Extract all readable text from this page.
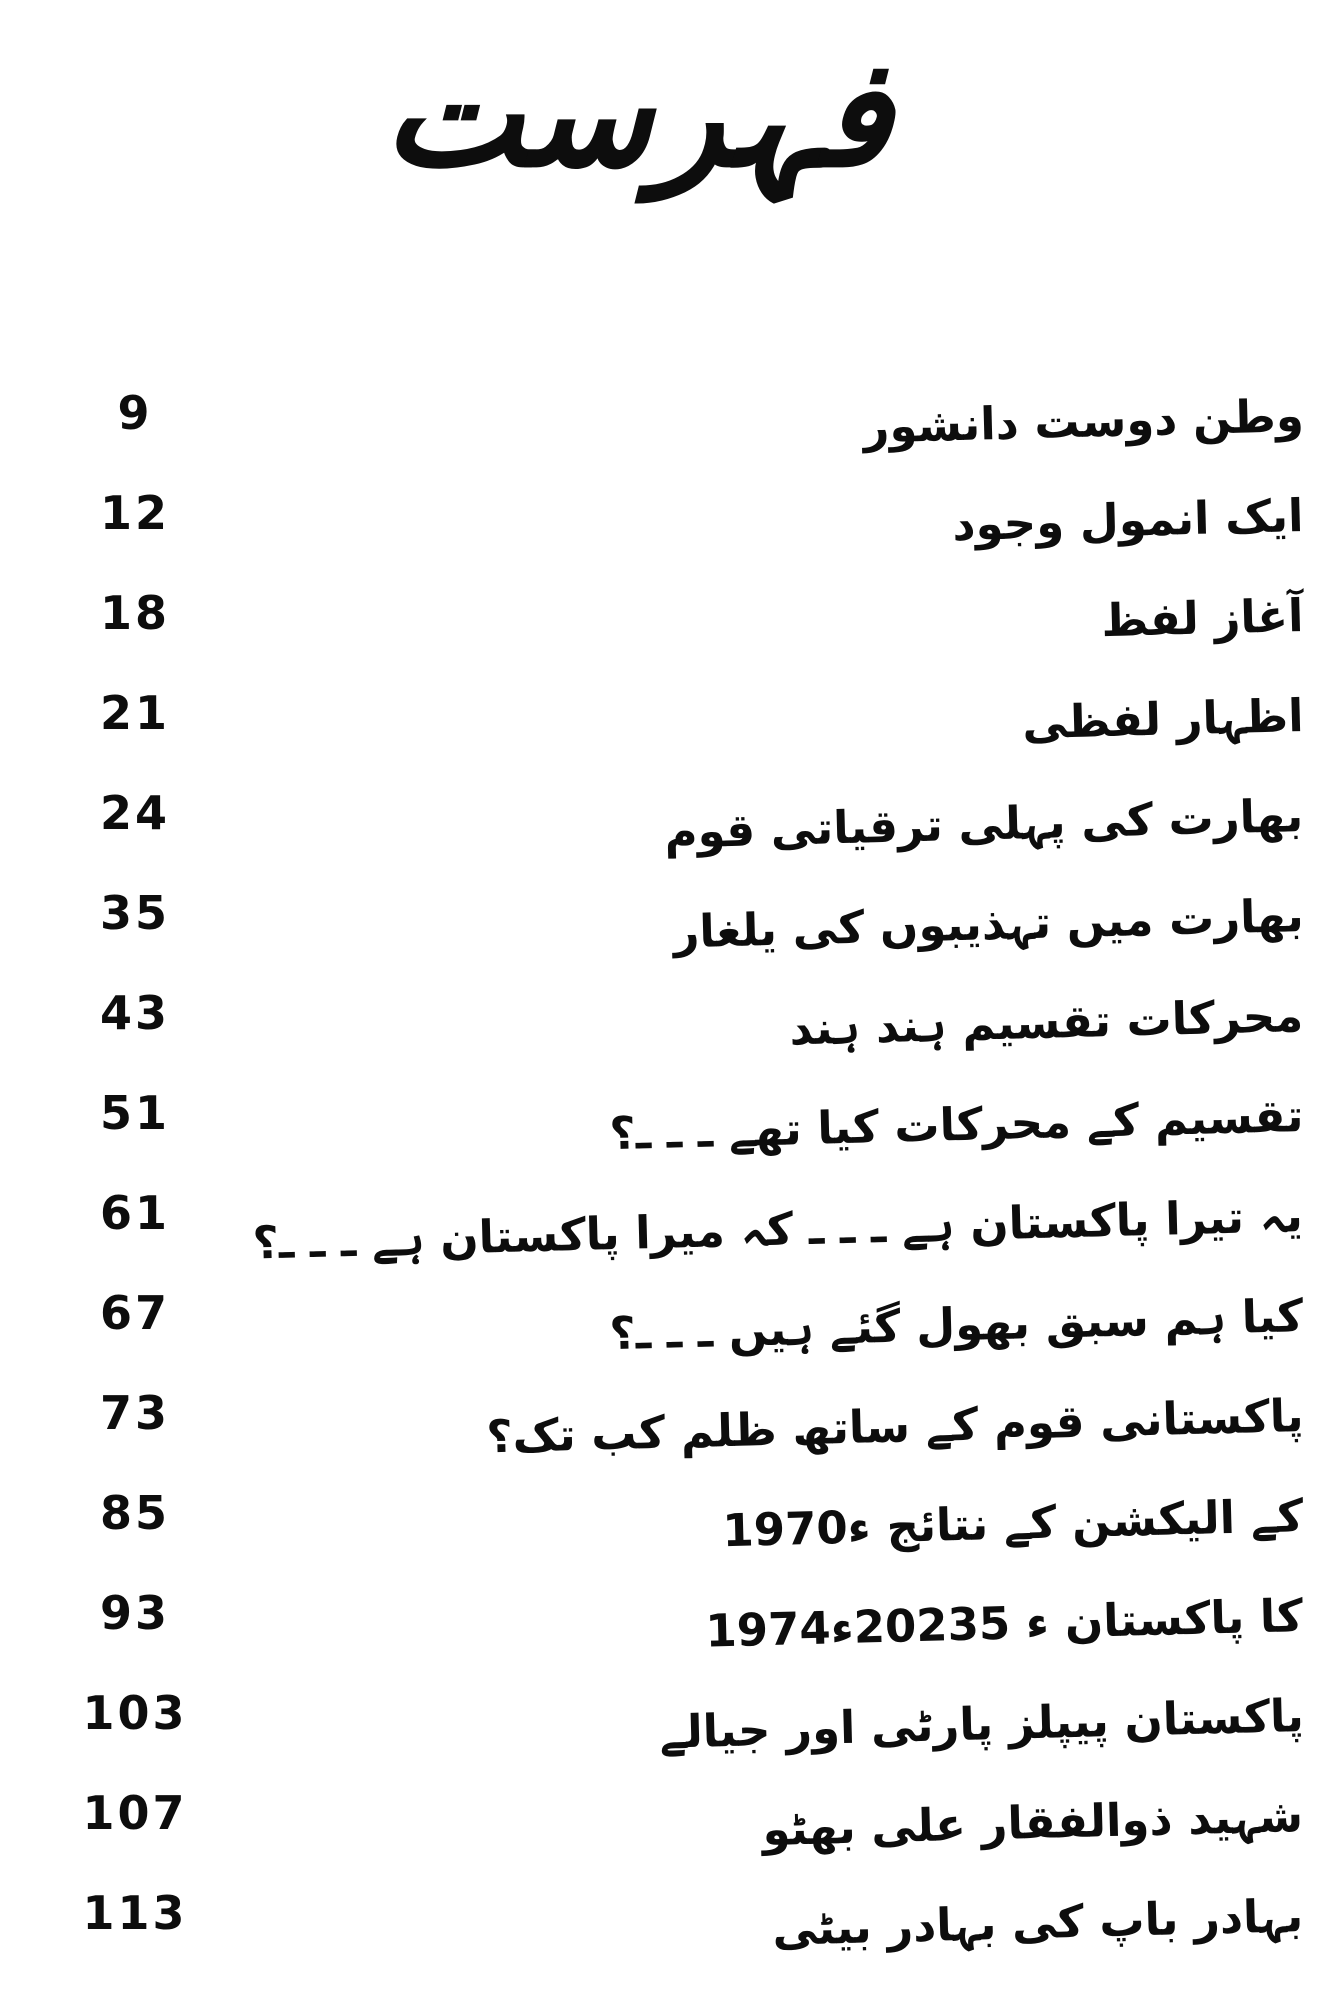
فہرست
9	وطن دوست دانشور
12	ایک انمول وجود
18	آغاز لفظ
21	اظہار لفظی
24	بھارت کی پہلی ترقیاتی قوم
35	بھارت میں تہذیبوں کی یلغار
43	محرکات تقسیم ہند ہند
51	تقسیم کے محرکات کیا تھے ـ ـ ـ؟
61	یہ تیرا پاکستان ہے ـ ـ ـ کہ میرا پاکستان ہے ـ ـ ـ؟
67	کیا ہم سبق بھول گئے ہیں ـ ـ ـ؟
73	پاکستانی قوم کے ساتھ ظلم کب تک؟
85	1970ء کے الیکشن کے نتائج
93	1974ء 20235ء کا پاکستان
103	پاکستان پیپلز پارٹی اور جیالے
107	شہید ذوالفقار علی بھٹو
113	بہادر باپ کی بہادر بیٹی
